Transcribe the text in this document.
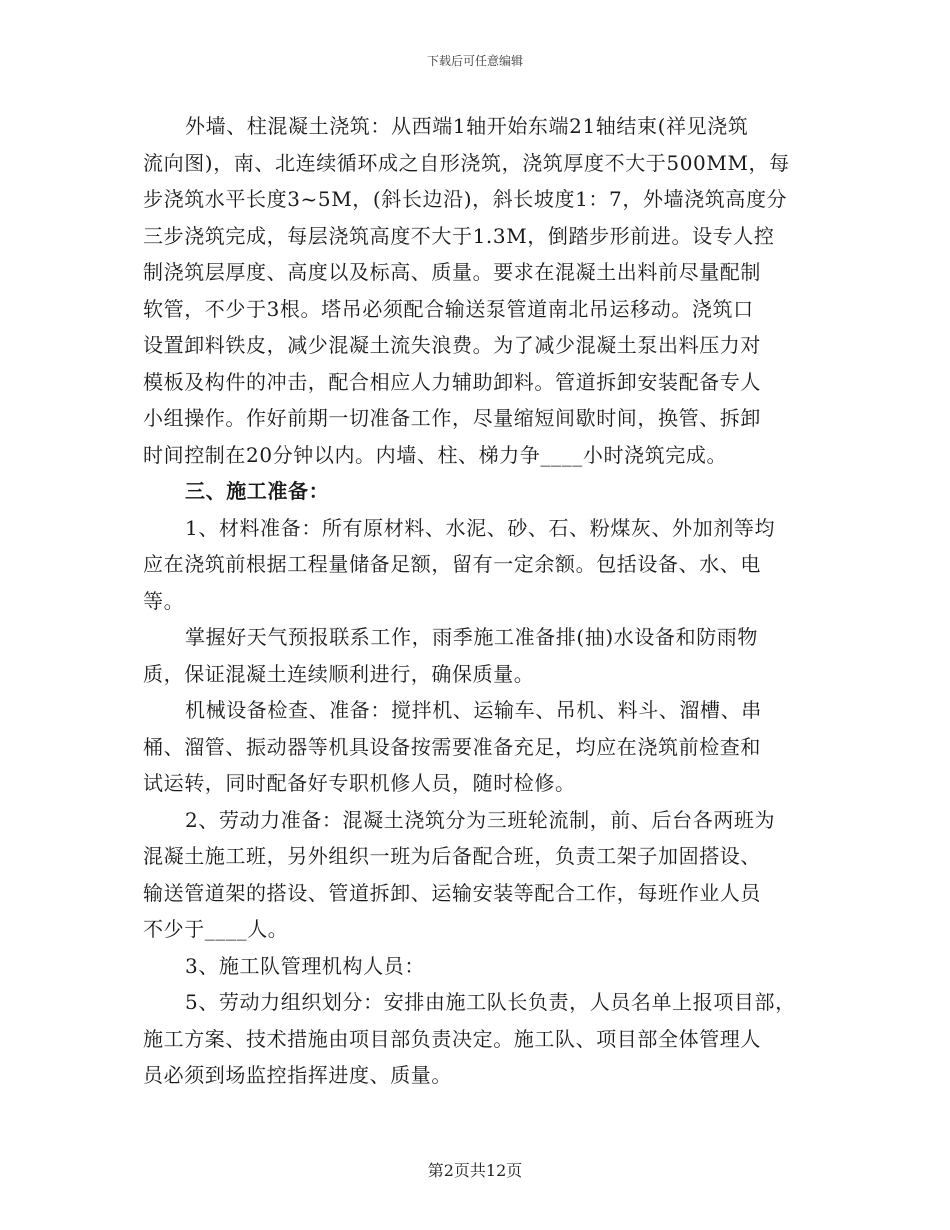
下载后可任意编辑
外墙、柱混凝土浇筑：从西端1轴开始东端21轴结束(祥见浇筑
流向图)，南、北连续循环成之自形浇筑，浇筑厚度不大于500MM，每
步浇筑水平长度3~5M，(斜长边沿)，斜长坡度1：7，外墙浇筑高度分
三步浇筑完成，每层浇筑高度不大于1.3M，倒踏步形前进。设专人控
制浇筑层厚度、高度以及标高、质量。要求在混凝土出料前尽量配制
软管，不少于3根。塔吊必须配合输送泵管道南北吊运移动。浇筑口
设置卸料铁皮，减少混凝土流失浪费。为了减少混凝土泵出料压力对
模板及构件的冲击，配合相应人力辅助卸料。管道拆卸安装配备专人
小组操作。作好前期一切准备工作，尽量缩短间歇时间，换管、拆卸
时间控制在20分钟以内。内墙、柱、梯力争____小时浇筑完成。
三、施工准备：
1、材料准备：所有原材料、水泥、砂、石、粉煤灰、外加剂等均
应在浇筑前根据工程量储备足额，留有一定余额。包括设备、水、电
等。
掌握好天气预报联系工作，雨季施工准备排(抽)水设备和防雨物
质，保证混凝土连续顺利进行，确保质量。
机械设备检查、准备：搅拌机、运输车、吊机、料斗、溜槽、串
桶、溜管、振动器等机具设备按需要准备充足，均应在浇筑前检查和
试运转，同时配备好专职机修人员，随时检修。
2、劳动力准备：混凝土浇筑分为三班轮流制，前、后台各两班为
混凝土施工班，另外组织一班为后备配合班，负责工架子加固搭设、
输送管道架的搭设、管道拆卸、运输安装等配合工作，每班作业人员
不少于____人。
3、施工队管理机构人员：
5、劳动力组织划分：安排由施工队长负责，人员名单上报项目部，
施工方案、技术措施由项目部负责决定。施工队、项目部全体管理人
员必须到场监控指挥进度、质量。
第2页共12页
